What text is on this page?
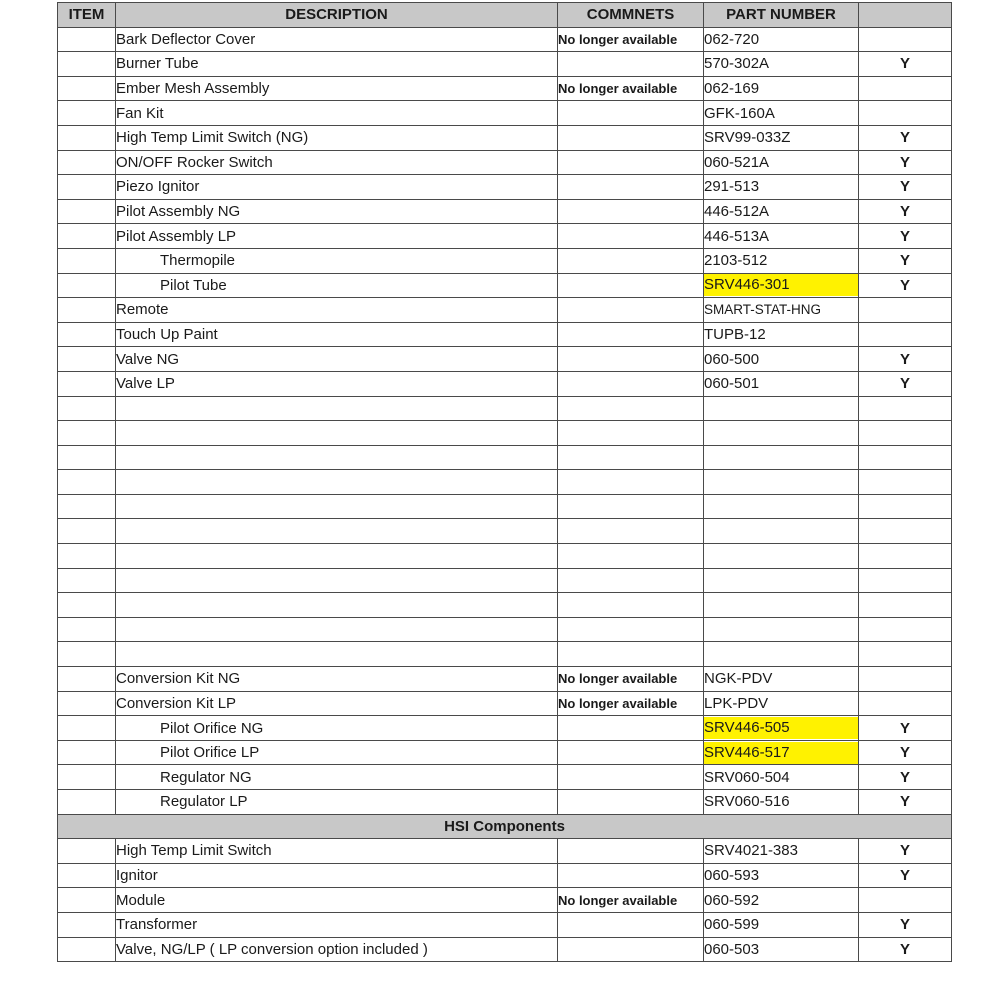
ITEM	DESCRIPTION	COMMNETS	PART NUMBER	
	Bark Deflector Cover	No longer available	062-720	
	Burner Tube		570-302A	Y
	Ember Mesh Assembly	No longer available	062-169	
	Fan Kit		GFK-160A	
	High Temp Limit Switch (NG)		SRV99-033Z	Y
	ON/OFF Rocker Switch		060-521A	Y
	Piezo Ignitor		291-513	Y
	Pilot Assembly NG		446-512A	Y
	Pilot Assembly LP		446-513A	Y
	Thermopile		2103-512	Y
	Pilot Tube		SRV446-301	Y
	Remote		SMART-STAT-HNG	
	Touch Up Paint		TUPB-12	
	Valve NG		060-500	Y
	Valve LP		060-501	Y

	Conversion Kit NG	No longer available	NGK-PDV	
	Conversion Kit LP	No longer available	LPK-PDV	
	Pilot Orifice NG		SRV446-505	Y
	Pilot Orifice LP		SRV446-517	Y
	Regulator NG		SRV060-504	Y
	Regulator LP		SRV060-516	Y
HSI Components				
	High Temp Limit Switch		SRV4021-383	Y
	Ignitor		060-593	Y
	Module	No longer available	060-592	
	Transformer		060-599	Y
	Valve, NG/LP ( LP conversion option included )		060-503	Y
